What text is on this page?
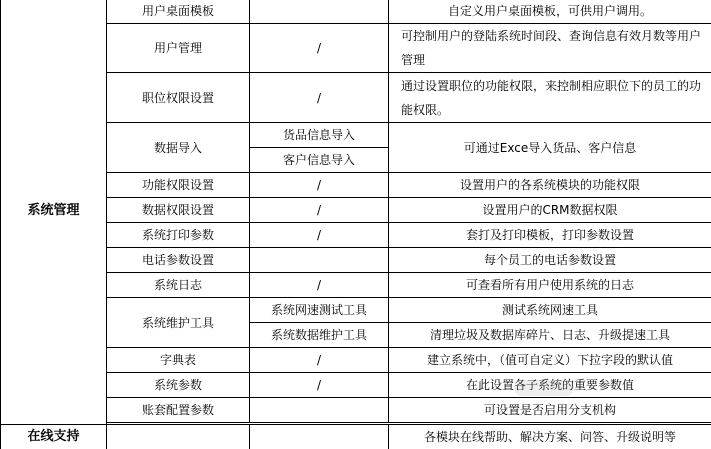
系统管理	用户桌面模板		自定义用户桌面模板，可供用户调用。
	用户管理	/	可控制用户的登陆系统时间段、查询信息有效月数等用户管理
	职位权限设置	/	通过设置职位的功能权限，来控制相应职位下的员工的功能权限。
	数据导入	货品信息导入	可通过Exce导入货品、客户信息
		客户信息导入	
	功能权限设置	/	设置用户的各系统模块的功能权限
	数据权限设置	/	设置用户的CRM数据权限
	系统打印参数	/	套打及打印模板，打印参数设置
	电话参数设置		每个员工的电话参数设置
	系统日志	/	可查看所有用户使用系统的日志
	系统维护工具	系统网速测试工具	测试系统网速工具
		系统数据维护工具	清理垃圾及数据库碎片、日志、升级提速工具
	字典表	/	建立系统中，（值可自定义）下拉字段的默认值
	系统参数	/	在此设置各子系统的重要参数值
	账套配置参数		可设置是否启用分支机构

在线支持			各模块在线帮助、解决方案、问答、升级说明等
